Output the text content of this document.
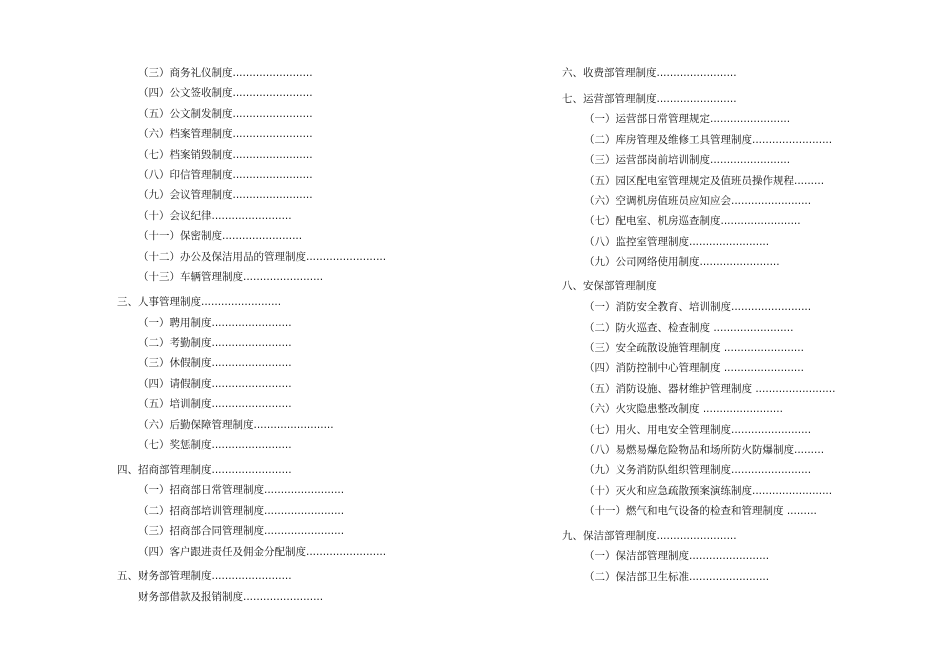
（三）商务礼仪制度........................
（四）公文签收制度........................
（五）公文制发制度........................
（六）档案管理制度........................
（七）档案销毁制度........................
（八）印信管理制度........................
（九）会议管理制度........................
（十）会议纪律........................
（十一）保密制度........................
（十二）办公及保洁用品的管理制度........................
（十三）车辆管理制度........................
三、人事管理制度........................
（一）聘用制度........................
（二）考勤制度........................
（三）休假制度........................
（四）请假制度........................
（五）培训制度........................
（六）后勤保障管理制度........................
（七）奖惩制度........................
四、招商部管理制度........................
（一）招商部日常管理制度........................
（二）招商部培训管理制度........................
（三）招商部合同管理制度........................
（四）客户跟进责任及佣金分配制度........................
五、财务部管理制度........................
财务部借款及报销制度........................
六、收费部管理制度........................
七、运营部管理制度........................
（一）运营部日常管理规定........................
（二）库房管理及维修工具管理制度........................
（三）运营部岗前培训制度........................
（五）园区配电室管理规定及值班员操作规程.........
（六）空调机房值班员应知应会........................
（七）配电室、机房巡查制度........................
（八）监控室管理制度........................
（九）公司网络使用制度........................
八、安保部管理制度
（一）消防安全教育、培训制度........................
（二）防火巡查、检查制度 ........................
（三）安全疏散设施管理制度 ........................
（四）消防控制中心管理制度 ........................
（五）消防设施、器材维护管理制度 ........................
（六）火灾隐患整改制度 ........................
（七）用火、用电安全管理制度........................
（八）易燃易爆危险物品和场所防火防爆制度.........
（九）义务消防队组织管理制度........................
（十）灭火和应急疏散预案演练制度........................
（十一）燃气和电气设备的检查和管理制度 .........
九、保洁部管理制度........................
（一）保洁部管理制度........................
（二）保洁部卫生标准........................
